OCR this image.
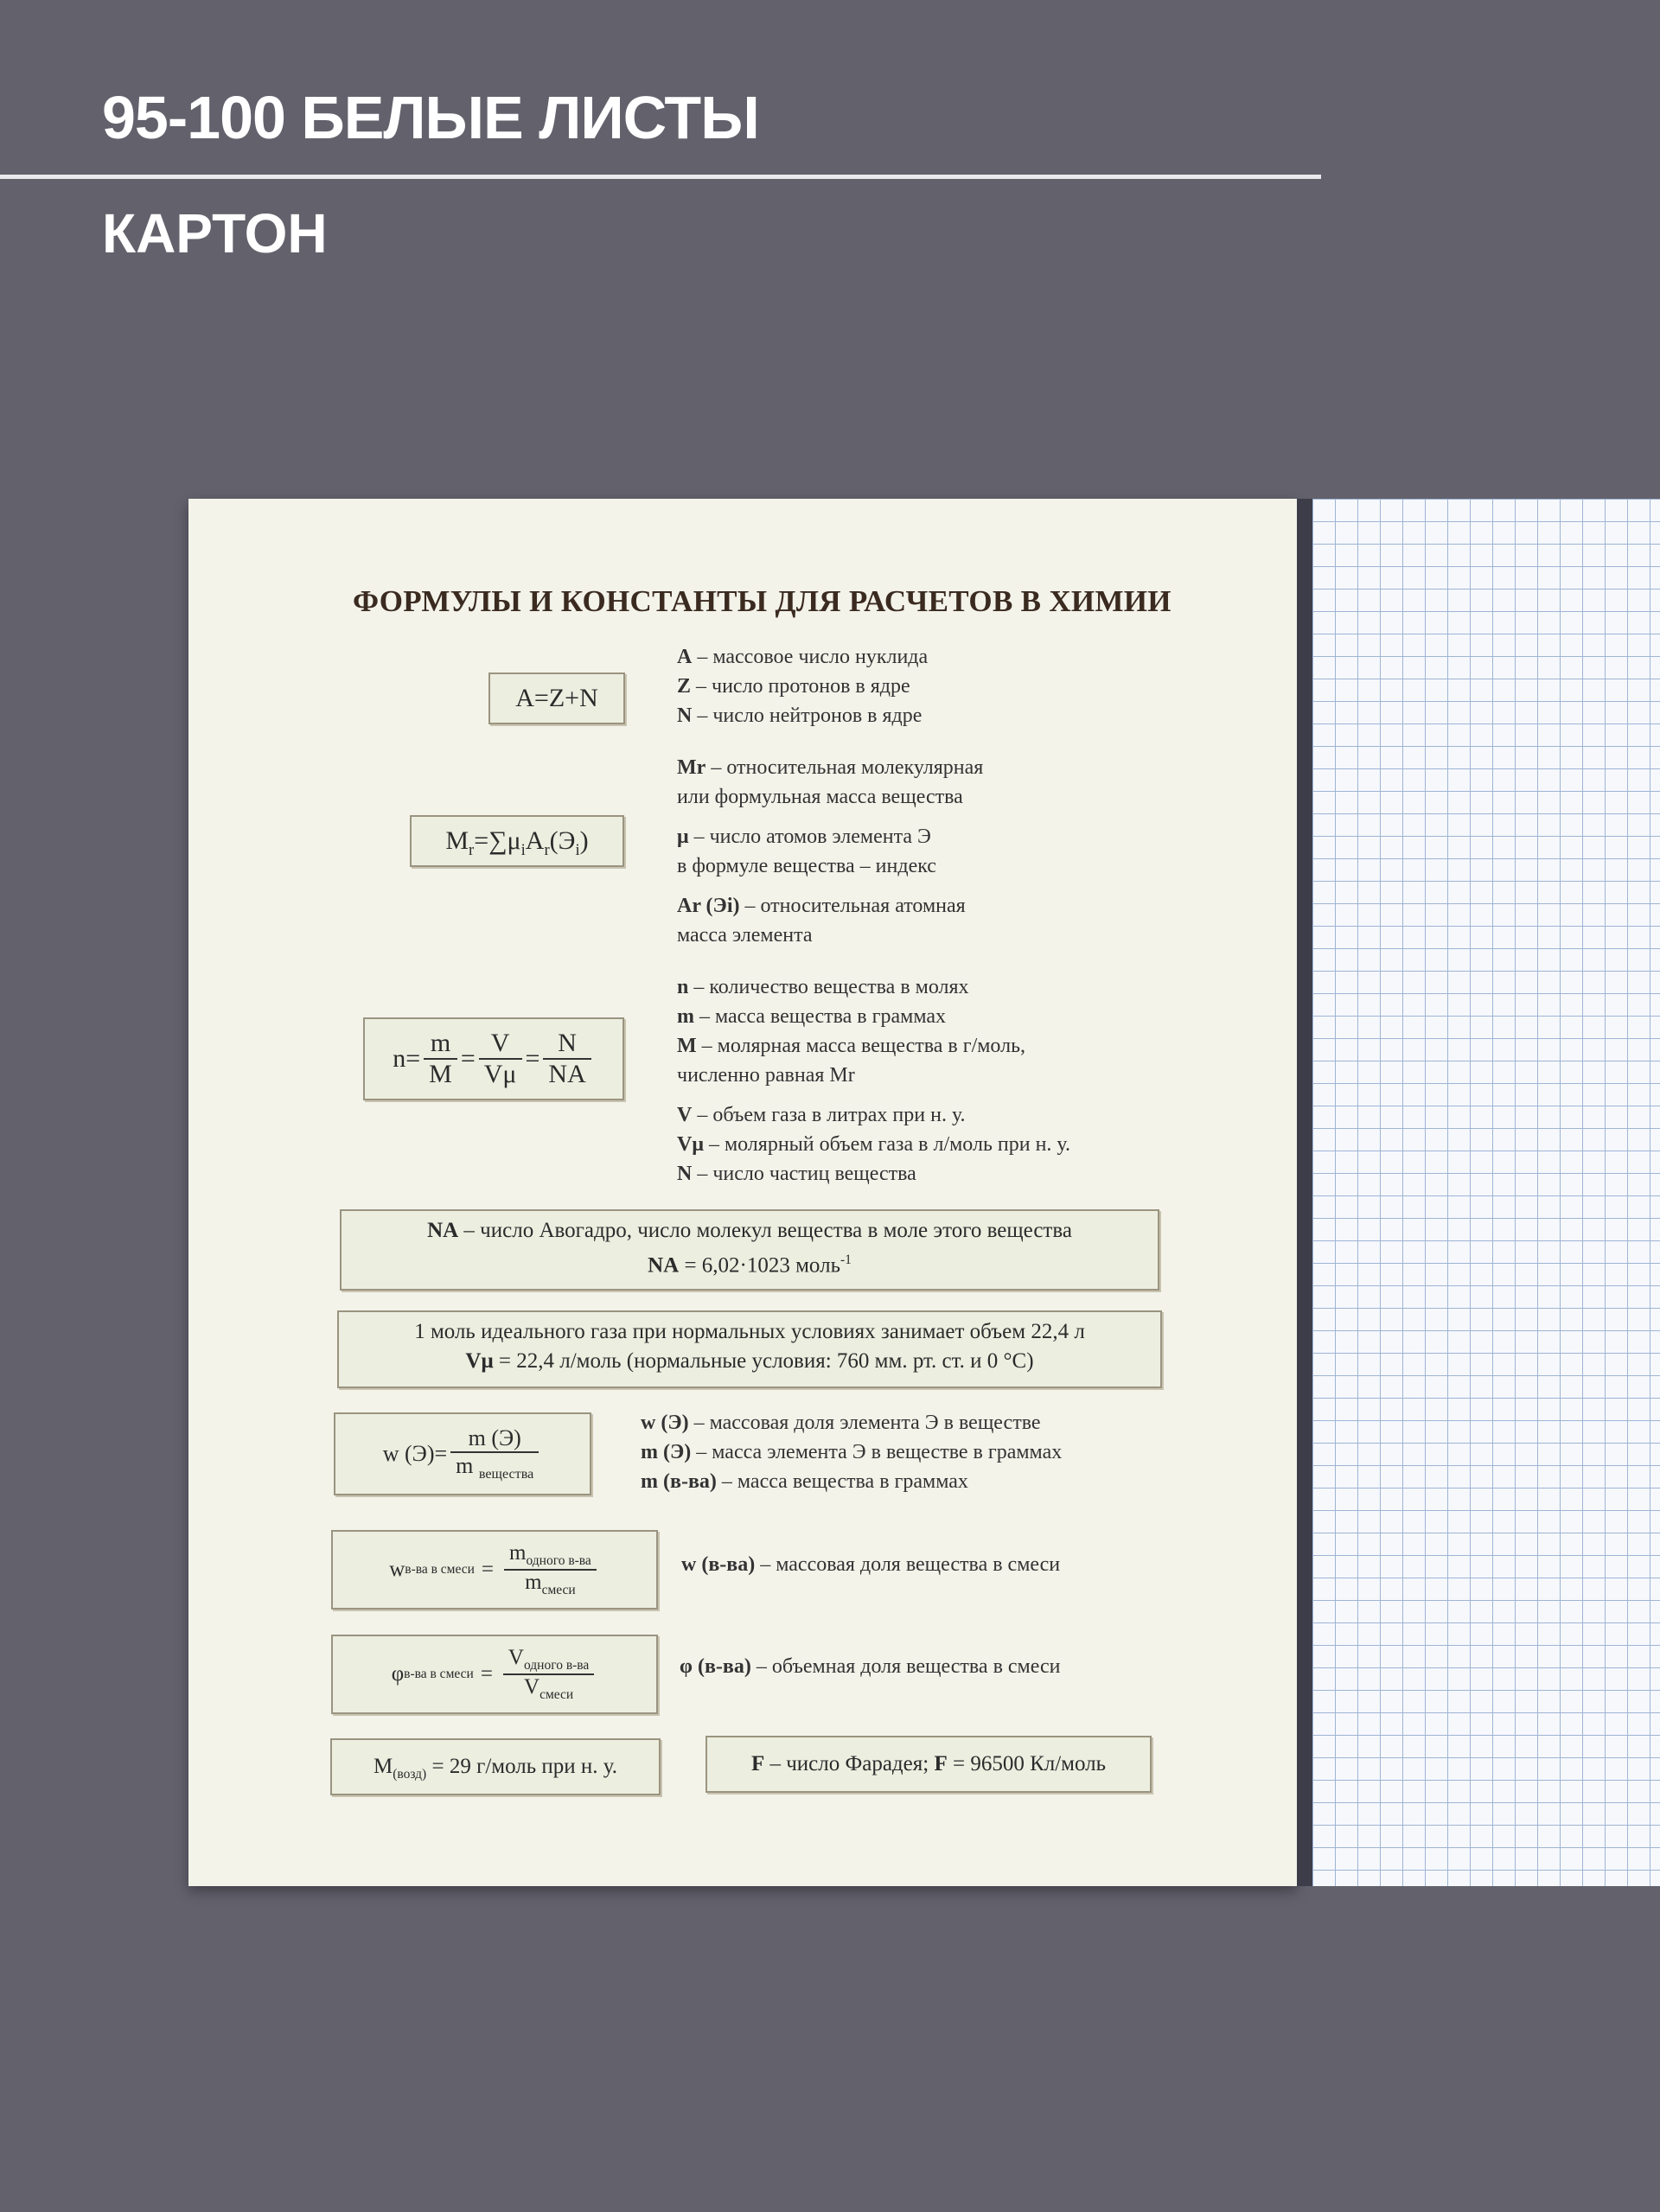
95-100 БЕЛЫЕ ЛИСТЫ
КАРТОН
ФОРМУЛЫ И КОНСТАНТЫ ДЛЯ РАСЧЕТОВ В ХИМИИ
A=Z+N
A – массовое число нуклида
Z – число протонов в ядре
N – число нейтронов в ядре
$M_r=\sum\mu_iA_r(Э_i)$
Mr – относительная молекулярная
или формульная масса вещества
μ – число атомов элемента Э
в формуле вещества – индекс
Ar (Эi) – относительная атомная
масса элемента
$n= \frac{m}{M} = \frac{V}{V\mu} = \frac{N}{NA}$
n – количество вещества в молях
m – масса вещества в граммах
M – молярная масса вещества в г/моль,
численно равная Mr
V – объем газа в литрах при н. у.
Vμ – молярный объем газа в л/моль при н. у.
N – число частиц вещества
NA – число Авогадро, число молекул вещества в моле этого вещества
NA = 6,02·1023 моль$^{-1}$
1 моль идеального газа при нормальных условиях занимает объем 22,4 л
Vμ = 22,4 л/моль (нормальные условия: 760 мм. рт. ст. и 0 °C)
w $(Э)= \frac{m (Э)}{m _{вещества}}$
w (Э) – массовая доля элемента Э в веществе
m (Э) – масса элемента Э в веществе в граммах
m (в-ва) – масса вещества в граммах
w в-ва в смеси = $\frac{m_{одного в-ва}}{m_{смеси}}$	w (в-ва) – массовая доля вещества в смеси
φ в-ва в смеси = $\frac{V_{одного в-ва}}{V_{смеси}}$	φ (в-ва) – объемная доля вещества в смеси
$M_{(возд)} = 29$ г/моль при н. у.	F – число Фарадея; F = 96500 Кл/моль
